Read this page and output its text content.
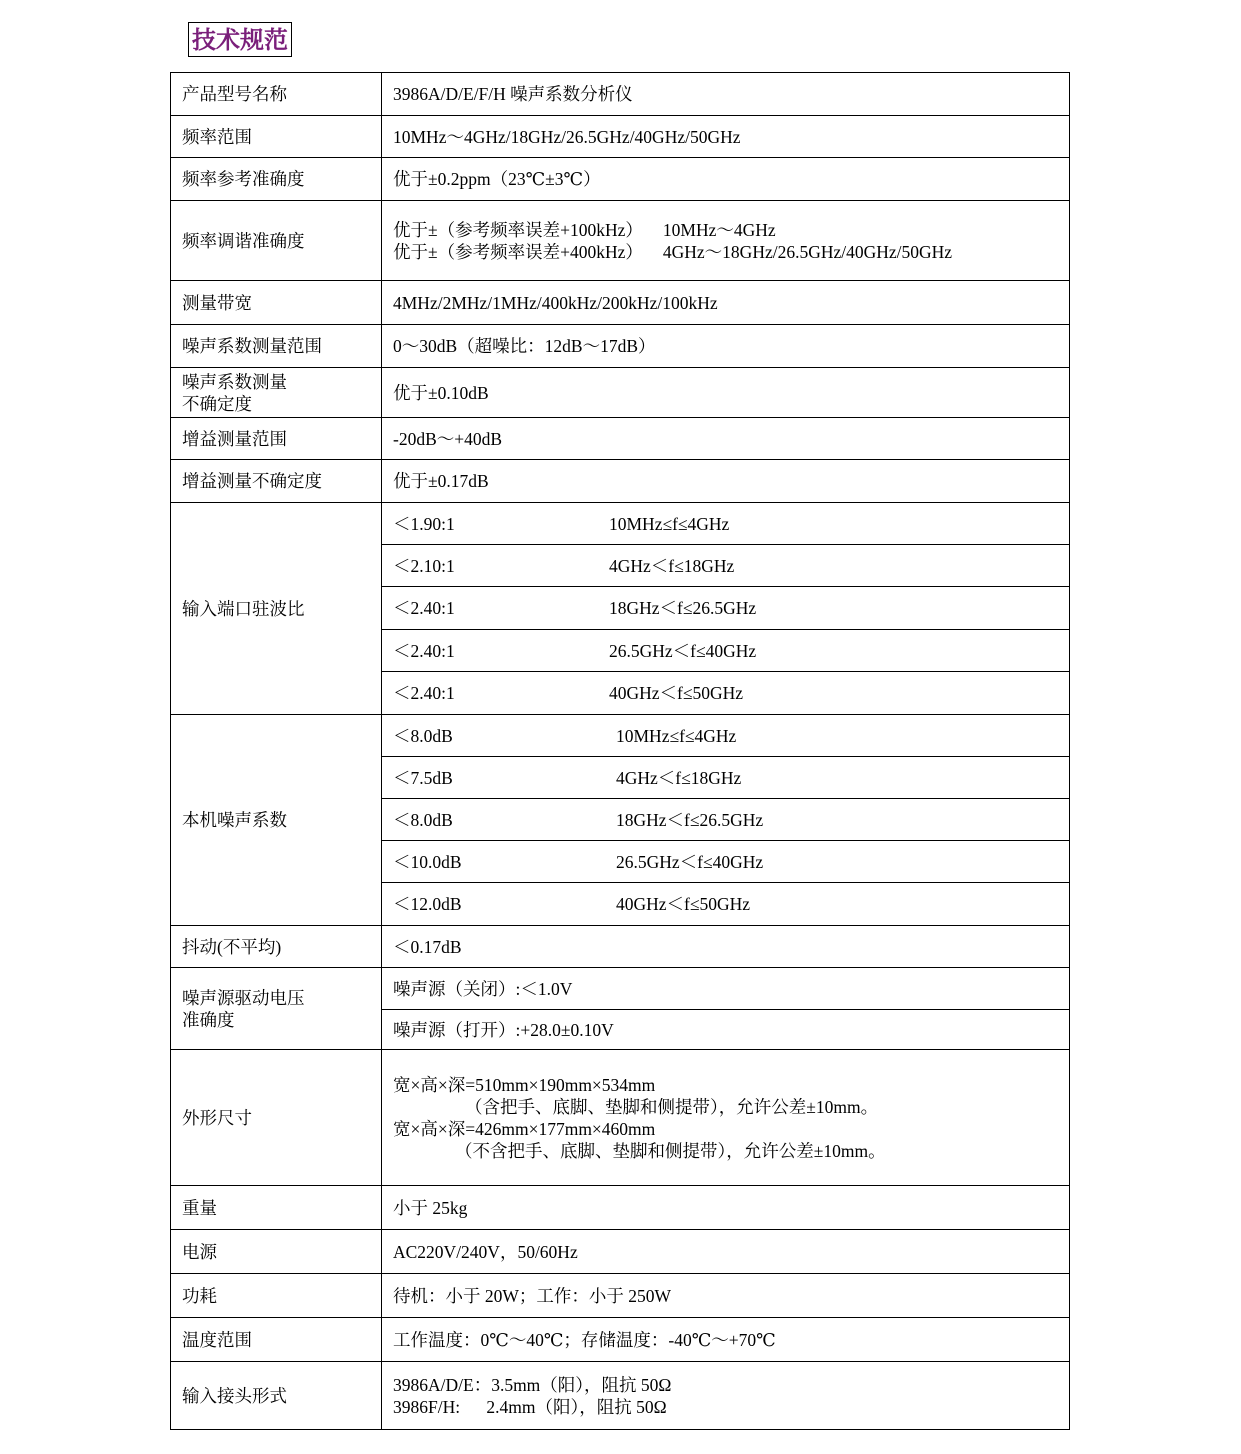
技术规范
产品型号名称	3986A/D/E/F/H 噪声系数分析仪
频率范围	10MHz～4GHz/18GHz/26.5GHz/40GHz/50GHz
频率参考准确度	优于±0.2ppm（23℃±3℃）
频率调谐准确度	优于±（参考频率误差+100kHz） 10MHz～4GHz
优于±（参考频率误差+400kHz） 4GHz～18GHz/26.5GHz/40GHz/50GHz

测量带宽	4MHz/2MHz/1MHz/400kHz/200kHz/100kHz
噪声系数测量范围	0～30dB（超噪比：12dB～17dB）

噪声系数测量
不确定度	优于±0.10dB
增益测量范围	-20dB～+40dB
增益测量不确定度	优于±0.17dB
输入端口驻波比	＜1.90:1 10MHz≤f≤4GHz
	＜2.10:1 4GHz＜f≤18GHz
	＜2.40:1 18GHz＜f≤26.5GHz
	＜2.40:1 26.5GHz＜f≤40GHz
	＜2.40:1 40GHz＜f≤50GHz
本机噪声系数	＜8.0dB 10MHz≤f≤4GHz
	＜7.5dB 4GHz＜f≤18GHz
	＜8.0dB 18GHz＜f≤26.5GHz
	＜10.0dB 26.5GHz＜f≤40GHz
	＜12.0dB 40GHz＜f≤50GHz
抖动(不平均)	＜0.17dB

噪声源驱动电压
准确度	噪声源（关闭）:＜1.0V
	噪声源（打开）:+28.0±0.10V
外形尺寸	宽×高×深=510mm×190mm×534mm
（含把手、底脚、垫脚和侧提带），允许公差±10mm。
宽×高×深=426mm×177mm×460mm
（不含把手、底脚、垫脚和侧提带），允许公差±10mm。

重量	小于 25kg
电源	AC220V/240V，50/60Hz
功耗	待机：小于 20W；工作：小于 250W
温度范围	工作温度：0℃～40℃；存储温度：-40℃～+70℃
输入接头形式	3986A/D/E：3.5mm（阳），阻抗 50Ω
3986F/H:      2.4mm（阳），阻抗 50Ω
